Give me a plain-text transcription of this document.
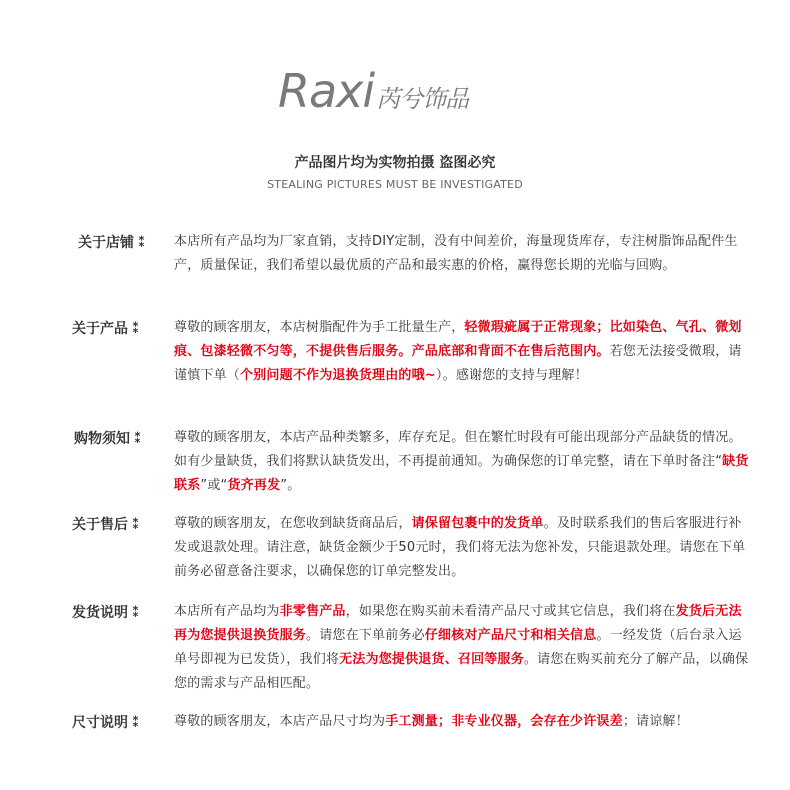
Raxi 芮兮饰品
产品图片均为实物拍摄 盗图必究
STEALING PICTURES MUST BE INVESTIGATED
关于店铺 ⁑	本店所有产品均为厂家直销，支持DIY定制，没有中间差价，海量现货库存，专注树脂饰品配件生产，质量保证，我们希望以最优质的产品和最实惠的价格，赢得您长期的光临与回购。
关于产品 ⁑	尊敬的顾客朋友，本店树脂配件为手工批量生产，轻微瑕疵属于正常现象；比如染色、气孔、微划痕、包漆轻微不匀等，不提供售后服务。产品底部和背面不在售后范围内。若您无法接受微瑕，请谨慎下单（个别问题不作为退换货理由的哦~）。感谢您的支持与理解！
购物须知 ⁑	尊敬的顾客朋友，本店产品种类繁多，库存充足。但在繁忙时段有可能出现部分产品缺货的情况。如有少量缺货，我们将默认缺货发出，不再提前通知。为确保您的订单完整，请在下单时备注“缺货联系”或“货齐再发”。
关于售后 ⁑	尊敬的顾客朋友，在您收到缺货商品后，请保留包裹中的发货单。及时联系我们的售后客服进行补发或退款处理。请注意，缺货金额少于50元时，我们将无法为您补发，只能退款处理。请您在下单前务必留意备注要求，以确保您的订单完整发出。
发货说明 ⁑	本店所有产品均为非零售产品，如果您在购买前未看清产品尺寸或其它信息，我们将在发货后无法再为您提供退换货服务。请您在下单前务必仔细核对产品尺寸和相关信息。一经发货（后台录入运单号即视为已发货），我们将无法为您提供退货、召回等服务。请您在购买前充分了解产品，以确保您的需求与产品相匹配。
尺寸说明 ⁑	尊敬的顾客朋友，本店产品尺寸均为手工测量；非专业仪器，会存在少许误差；请谅解！
